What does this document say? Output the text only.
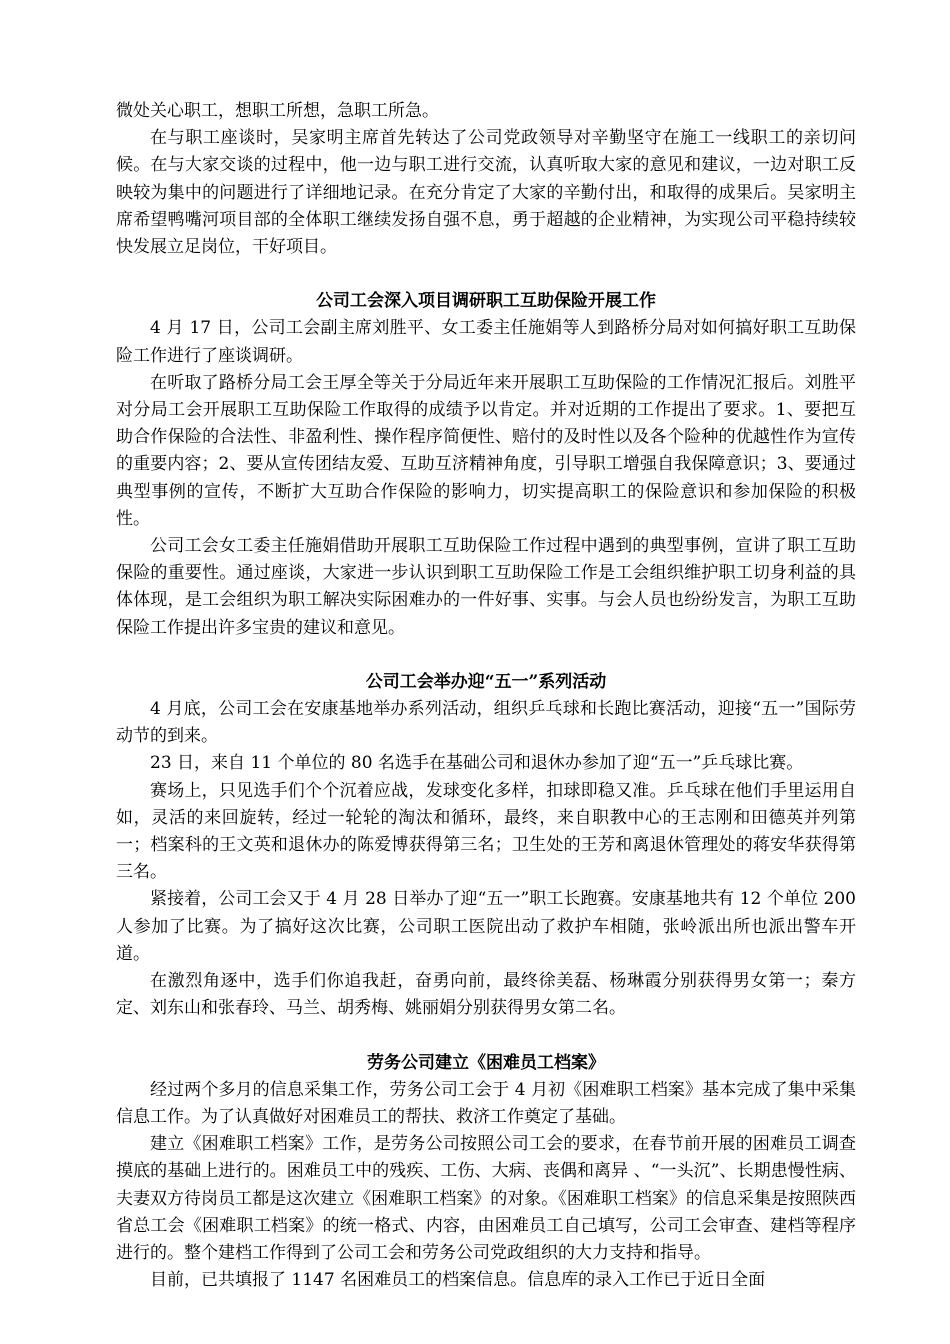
微处关心职工，想职工所想，急职工所急。

在与职工座谈时，吴家明主席首先转达了公司党政领导对辛勤坚守在施工一线职工的亲切问候。在与大家交谈的过程中，他一边与职工进行交流，认真听取大家的意见和建议，一边对职工反映较为集中的问题进行了详细地记录。在充分肯定了大家的辛勤付出，和取得的成果后。吴家明主席希望鸭嘴河项目部的全体职工继续发扬自强不息，勇于超越的企业精神，为实现公司平稳持续较快发展立足岗位，干好项目。

公司工会深入项目调研职工互助保险开展工作

4 月 17 日，公司工会副主席刘胜平、女工委主任施娟等人到路桥分局对如何搞好职工互助保险工作进行了座谈调研。

在听取了路桥分局工会王厚全等关于分局近年来开展职工互助保险的工作情况汇报后。刘胜平对分局工会开展职工互助保险工作取得的成绩予以肯定。并对近期的工作提出了要求。1、要把互助合作保险的合法性、非盈利性、操作程序简便性、赔付的及时性以及各个险种的优越性作为宣传的重要内容；2、要从宣传团结友爱、互助互济精神角度，引导职工增强自我保障意识；3、要通过典型事例的宣传，不断扩大互助合作保险的影响力，切实提高职工的保险意识和参加保险的积极性。

公司工会女工委主任施娟借助开展职工互助保险工作过程中遇到的典型事例，宣讲了职工互助保险的重要性。通过座谈，大家进一步认识到职工互助保险工作是工会组织维护职工切身利益的具体体现，是工会组织为职工解决实际困难办的一件好事、实事。与会人员也纷纷发言，为职工互助保险工作提出许多宝贵的建议和意见。

公司工会举办迎“五一”系列活动

4 月底，公司工会在安康基地举办系列活动，组织乒乓球和长跑比赛活动，迎接“五一”国际劳动节的到来。

23 日，来自 11 个单位的 80 名选手在基础公司和退休办参加了迎“五一”乒乓球比赛。

赛场上，只见选手们个个沉着应战，发球变化多样，扣球即稳又准。乒乓球在他们手里运用自如，灵活的来回旋转，经过一轮轮的淘汰和循环，最终，来自职教中心的王志刚和田德英并列第一；档案科的王文英和退休办的陈爱博获得第三名；卫生处的王芳和离退休管理处的蒋安华获得第三名。

紧接着，公司工会又于 4 月 28 日举办了迎“五一”职工长跑赛。安康基地共有 12 个单位 200 人参加了比赛。为了搞好这次比赛，公司职工医院出动了救护车相随，张岭派出所也派出警车开道。

在激烈角逐中，选手们你追我赶，奋勇向前，最终徐美磊、杨琳霞分别获得男女第一；秦方定、刘东山和张春玲、马兰、胡秀梅、姚丽娟分别获得男女第二名。

劳务公司建立《困难员工档案》

经过两个多月的信息采集工作，劳务公司工会于 4 月初《困难职工档案》基本完成了集中采集信息工作。为了认真做好对困难员工的帮扶、救济工作奠定了基础。

建立《困难职工档案》工作，是劳务公司按照公司工会的要求，在春节前开展的困难员工调查摸底的基础上进行的。困难员工中的残疾、工伤、大病、丧偶和离异 、“一头沉”、长期患慢性病、夫妻双方待岗员工都是这次建立《困难职工档案》的对象。《困难职工档案》的信息采集是按照陕西省总工会《困难职工档案》的统一格式、内容，由困难员工自己填写，公司工会审查、建档等程序进行的。整个建档工作得到了公司工会和劳务公司党政组织的大力支持和指导。

目前，已共填报了 1147 名困难员工的档案信息。信息库的录入工作已于近日全面
